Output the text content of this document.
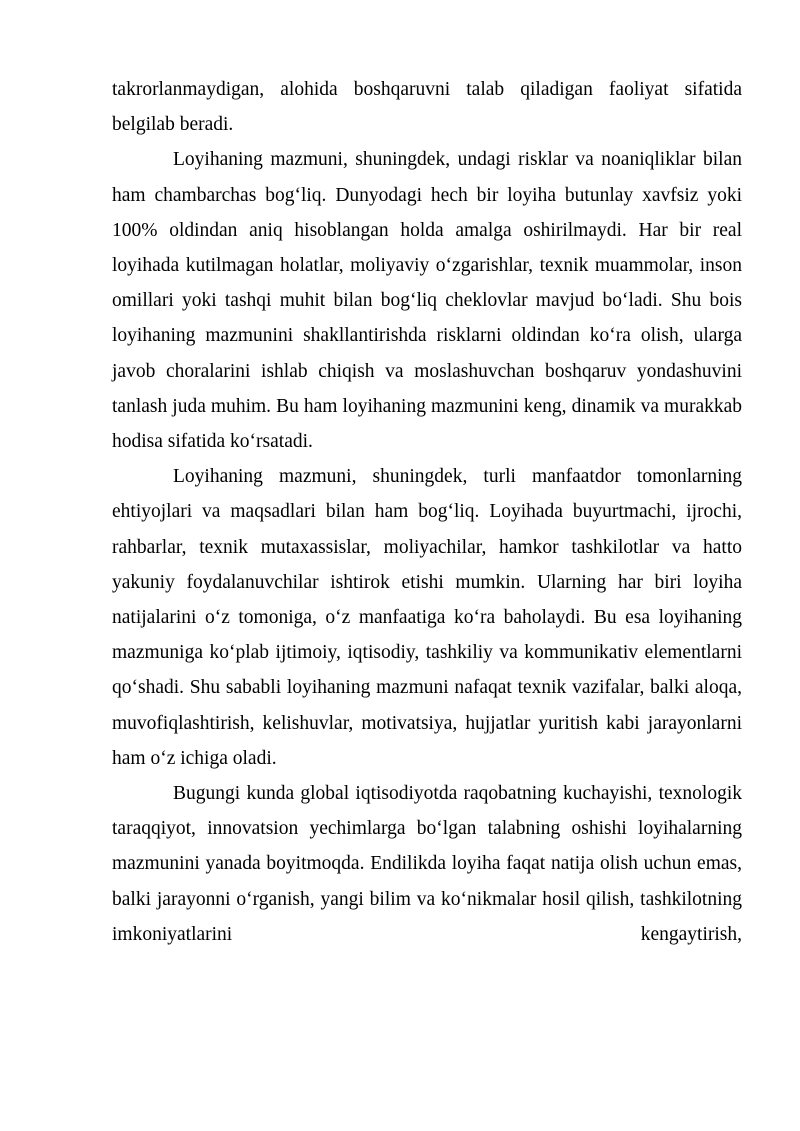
takrorlanmaydigan, alohida boshqaruvni talab qiladigan faoliyat sifatida belgilab beradi.

Loyihaning mazmuni, shuningdek, undagi risklar va noaniqliklar bilan ham chambarchas bog‘liq. Dunyodagi hech bir loyiha butunlay xavfsiz yoki 100% oldindan aniq hisoblangan holda amalga oshirilmaydi. Har bir real loyihada kutilmagan holatlar, moliyaviy o‘zgarishlar, texnik muammolar, inson omillari yoki tashqi muhit bilan bog‘liq cheklovlar mavjud bo‘ladi. Shu bois loyihaning mazmunini shakllantirishda risklarni oldindan ko‘ra olish, ularga javob choralarini ishlab chiqish va moslashuvchan boshqaruv yondashuvini tanlash juda muhim. Bu ham loyihaning mazmunini keng, dinamik va murakkab hodisa sifatida ko‘rsatadi.

Loyihaning mazmuni, shuningdek, turli manfaatdor tomonlarning ehtiyojlari va maqsadlari bilan ham bog‘liq. Loyihada buyurtmachi, ijrochi, rahbarlar, texnik mutaxassislar, moliyachilar, hamkor tashkilotlar va hatto yakuniy foydalanuvchilar ishtirok etishi mumkin. Ularning har biri loyiha natijalarini o‘z tomoniga, o‘z manfaatiga ko‘ra baholaydi. Bu esa loyihaning mazmuniga ko‘plab ijtimoiy, iqtisodiy, tashkiliy va kommunikativ elementlarni qo‘shadi. Shu sababli loyihaning mazmuni nafaqat texnik vazifalar, balki aloqa, muvofiqlashtirish, kelishuvlar, motivatsiya, hujjatlar yuritish kabi jarayonlarni ham o‘z ichiga oladi.

Bugungi kunda global iqtisodiyotda raqobatning kuchayishi, texnologik taraqqiyot, innovatsion yechimlarga bo‘lgan talabning oshishi loyihalarning mazmunini yanada boyitmoqda. Endilikda loyiha faqat natija olish uchun emas, balki jarayonni o‘rganish, yangi bilim va ko‘nikmalar hosil qilish, tashkilotning imkoniyatlarini kengaytirish,
